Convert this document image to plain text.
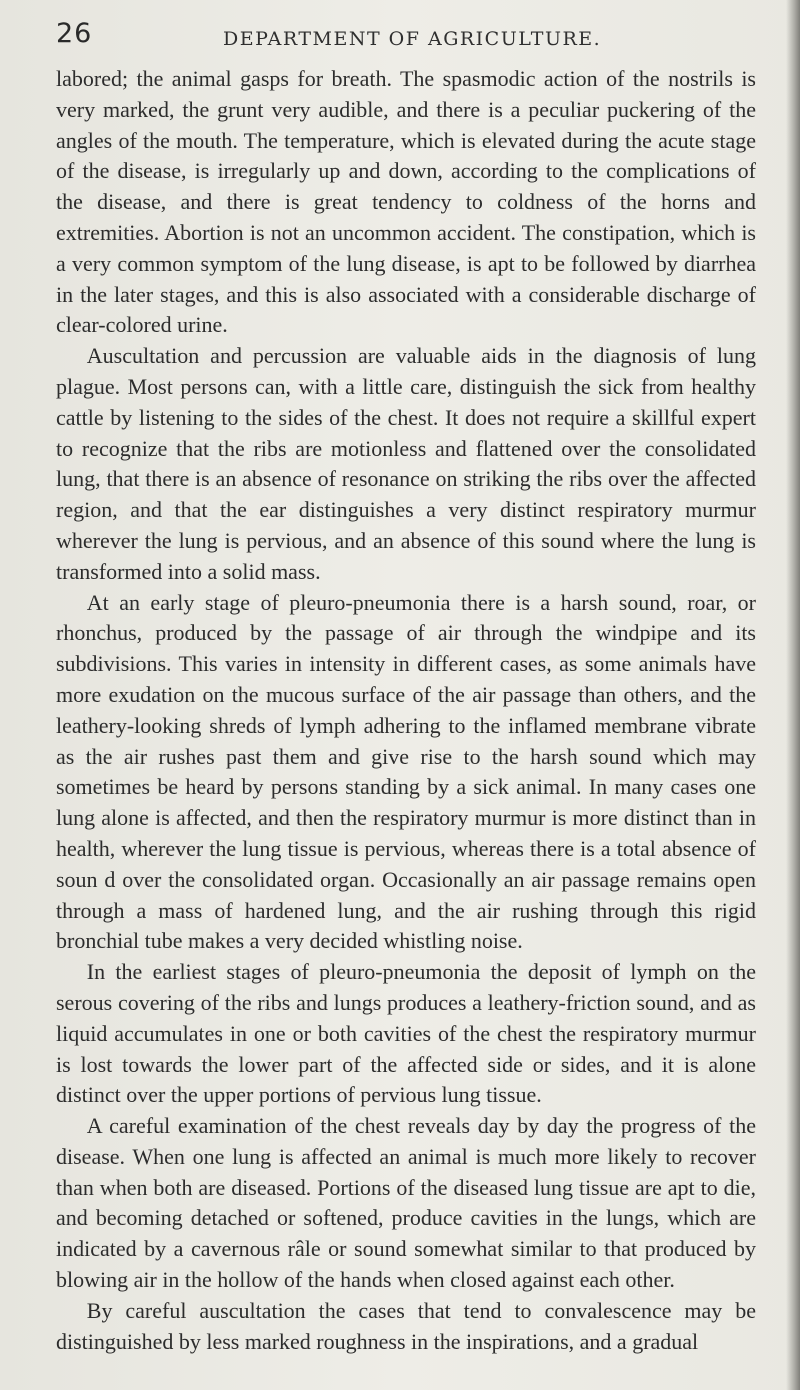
26	DEPARTMENT OF AGRICULTURE.

labored; the animal gasps for breath. The spasmodic action of the nostrils is very marked, the grunt very audible, and there is a peculiar puckering of the angles of the mouth. The temperature, which is elevated during the acute stage of the disease, is irregularly up and down, according to the complications of the disease, and there is great tendency to coldness of the horns and extremities. Abortion is not an uncommon accident. The constipation, which is a very common symptom of the lung disease, is apt to be followed by diarrhea in the later stages, and this is also associated with a considerable discharge of clear-colored urine.

Auscultation and percussion are valuable aids in the diagnosis of lung plague. Most persons can, with a little care, distinguish the sick from healthy cattle by listening to the sides of the chest. It does not require a skillful expert to recognize that the ribs are motionless and flattened over the consolidated lung, that there is an absence of resonance on striking the ribs over the affected region, and that the ear distinguishes a very distinct respiratory murmur wherever the lung is pervious, and an absence of this sound where the lung is transformed into a solid mass.

At an early stage of pleuro-pneumonia there is a harsh sound, roar, or rhonchus, produced by the passage of air through the windpipe and its subdivisions. This varies in intensity in different cases, as some animals have more exudation on the mucous surface of the air passage than others, and the leathery-looking shreds of lymph adhering to the inflamed membrane vibrate as the air rushes past them and give rise to the harsh sound which may sometimes be heard by persons standing by a sick animal. In many cases one lung alone is affected, and then the respiratory murmur is more distinct than in health, wherever the lung tissue is pervious, whereas there is a total absence of soun d over the consolidated organ. Occasionally an air passage remains open through a mass of hardened lung, and the air rushing through this rigid bronchial tube makes a very decided whistling noise.

In the earliest stages of pleuro-pneumonia the deposit of lymph on the serous covering of the ribs and lungs produces a leathery-friction sound, and as liquid accumulates in one or both cavities of the chest the respiratory murmur is lost towards the lower part of the affected side or sides, and it is alone distinct over the upper portions of pervious lung tissue.

A careful examination of the chest reveals day by day the progress of the disease. When one lung is affected an animal is much more likely to recover than when both are diseased. Portions of the diseased lung tissue are apt to die, and becoming detached or softened, produce cavities in the lungs, which are indicated by a cavernous râle or sound somewhat similar to that produced by blowing air in the hollow of the hands when closed against each other.

By careful auscultation the cases that tend to convalescence may be distinguished by less marked roughness in the inspirations, and a gradual
